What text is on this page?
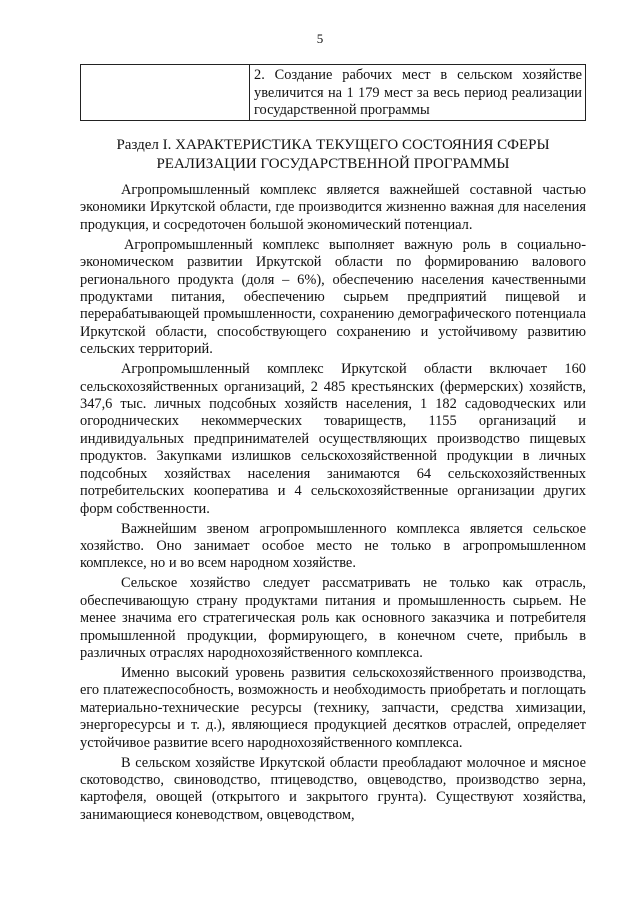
5
	2. Создание рабочих мест в сельском хозяйстве увеличится на 1 179 мест за весь период реализации государственной программы
Раздел I. ХАРАКТЕРИСТИКА ТЕКУЩЕГО СОСТОЯНИЯ СФЕРЫ
РЕАЛИЗАЦИИ ГОСУДАРСТВЕННОЙ ПРОГРАММЫ

Агропромышленный комплекс является важнейшей составной частью экономики Иркутской области, где производится жизненно важная для населения продукция, и сосредоточен большой экономический потенциал.

Агропромышленный комплекс выполняет важную роль в социально-экономическом развитии Иркутской области по формированию валового регионального продукта (доля – 6%), обеспечению населения качественными продуктами питания, обеспечению сырьем предприятий пищевой и перерабатывающей промышленности, сохранению демографического потенциала Иркутской области, способствующего сохранению и устойчивому развитию сельских территорий.

Агропромышленный комплекс Иркутской области включает 160 сельскохозяйственных организаций, 2 485 крестьянских (фермерских) хозяйств, 347,6 тыс. личных подсобных хозяйств населения, 1 182 садоводческих или огороднических некоммерческих товариществ, 1155 организаций и индивидуальных предпринимателей осуществляющих производство пищевых продуктов. Закупками излишков сельскохозяйственной продукции в личных подсобных хозяйствах населения занимаются 64 сельскохозяйственных потребительских кооператива и 4 сельскохозяйственные организации других форм собственности.

Важнейшим звеном агропромышленного комплекса является сельское хозяйство. Оно занимает особое место не только в агропромышленном комплексе, но и во всем народном хозяйстве.

Сельское хозяйство следует рассматривать не только как отрасль, обеспечивающую страну продуктами питания и промышленность сырьем. Не менее значима его стратегическая роль как основного заказчика и потребителя промышленной продукции, формирующего, в конечном счете, прибыль в различных отраслях народнохозяйственного комплекса.

Именно высокий уровень развития сельскохозяйственного производства, его платежеспособность, возможность и необходимость приобретать и поглощать материально-технические ресурсы (технику, запчасти, средства химизации, энергоресурсы и т. д.), являющиеся продукцией десятков отраслей, определяет устойчивое развитие всего народнохозяйственного комплекса.

В сельском хозяйстве Иркутской области преобладают молочное и мясное скотоводство, свиноводство, птицеводство, овцеводство, производство зерна, картофеля, овощей (открытого и закрытого грунта). Существуют хозяйства, занимающиеся коневодством, овцеводством,
